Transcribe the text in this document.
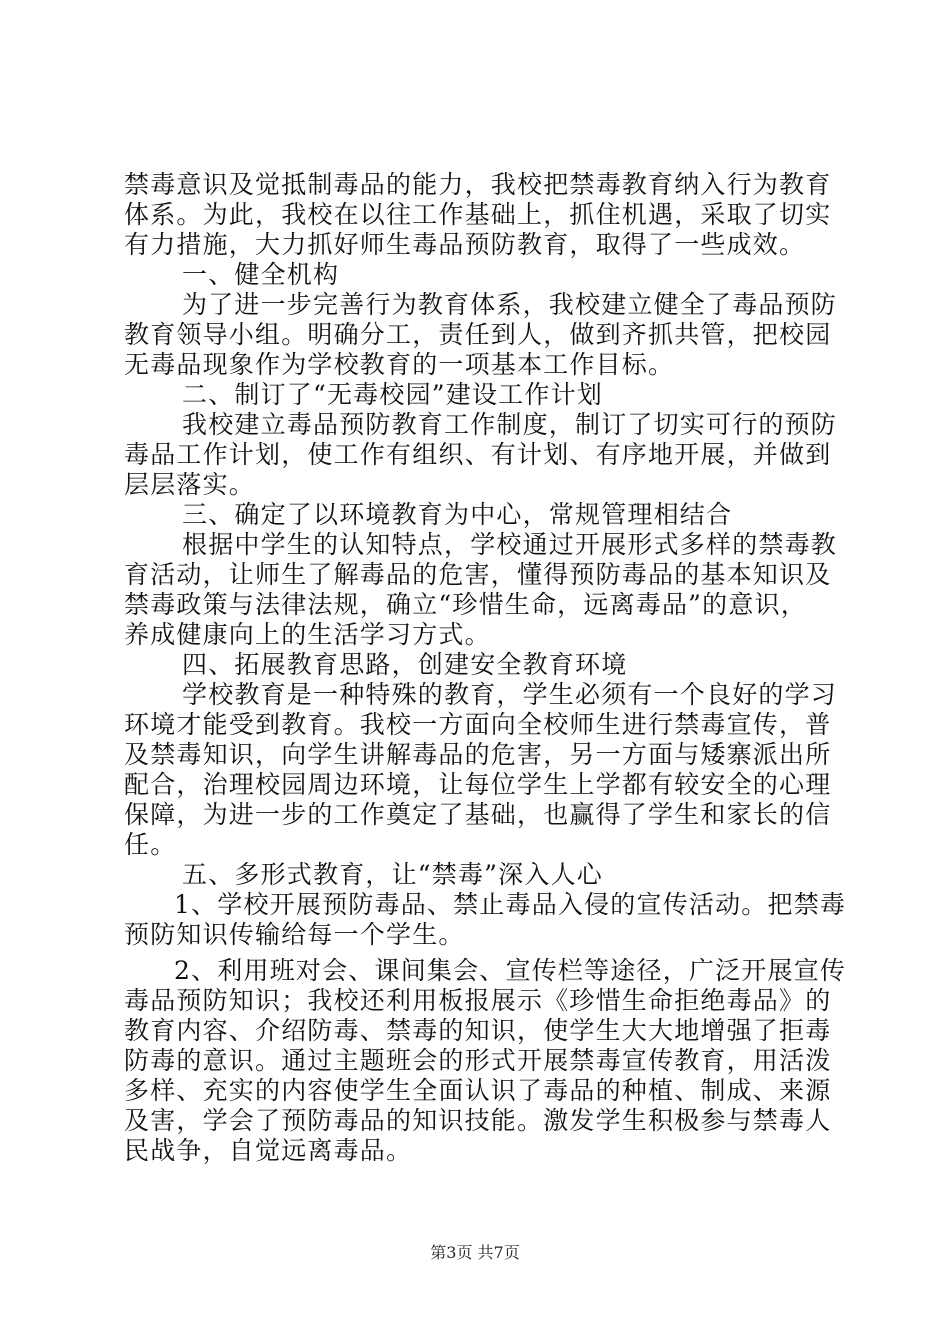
禁毒意识及觉抵制毒品的能力，我校把禁毒教育纳入行为教育

体系。为此，我校在以往工作基础上，抓住机遇，采取了切实

有力措施，大力抓好师生毒品预防教育，取得了一些成效。

一、健全机构

为了进一步完善行为教育体系，我校建立健全了毒品预防

教育领导小组。明确分工，责任到人，做到齐抓共管，把校园

无毒品现象作为学校教育的一项基本工作目标。

二、制订了“无毒校园”建设工作计划

我校建立毒品预防教育工作制度，制订了切实可行的预防

毒品工作计划，使工作有组织、有计划、有序地开展，并做到

层层落实。

三、确定了以环境教育为中心，常规管理相结合

根据中学生的认知特点，学校通过开展形式多样的禁毒教

育活动，让师生了解毒品的危害，懂得预防毒品的基本知识及

禁毒政策与法律法规，确立“珍惜生命，远离毒品”的意识，

养成健康向上的生活学习方式。

四、拓展教育思路，创建安全教育环境

学校教育是一种特殊的教育，学生必须有一个良好的学习

环境才能受到教育。我校一方面向全校师生进行禁毒宣传，普

及禁毒知识，向学生讲解毒品的危害，另一方面与矮寨派出所

配合，治理校园周边环境，让每位学生上学都有较安全的心理

保障，为进一步的工作奠定了基础，也赢得了学生和家长的信

任。

五、多形式教育，让“禁毒”深入人心

1、学校开展预防毒品、禁止毒品入侵的宣传活动。把禁毒

预防知识传输给每一个学生。

2、利用班对会、课间集会、宣传栏等途径，广泛开展宣传

毒品预防知识；我校还利用板报展示《珍惜生命拒绝毒品》的

教育内容、介绍防毒、禁毒的知识，使学生大大地增强了拒毒

防毒的意识。通过主题班会的形式开展禁毒宣传教育，用活泼

多样、充实的内容使学生全面认识了毒品的种植、制成、来源

及害，学会了预防毒品的知识技能。激发学生积极参与禁毒人

民战争，自觉远离毒品。

第3页 共7页
